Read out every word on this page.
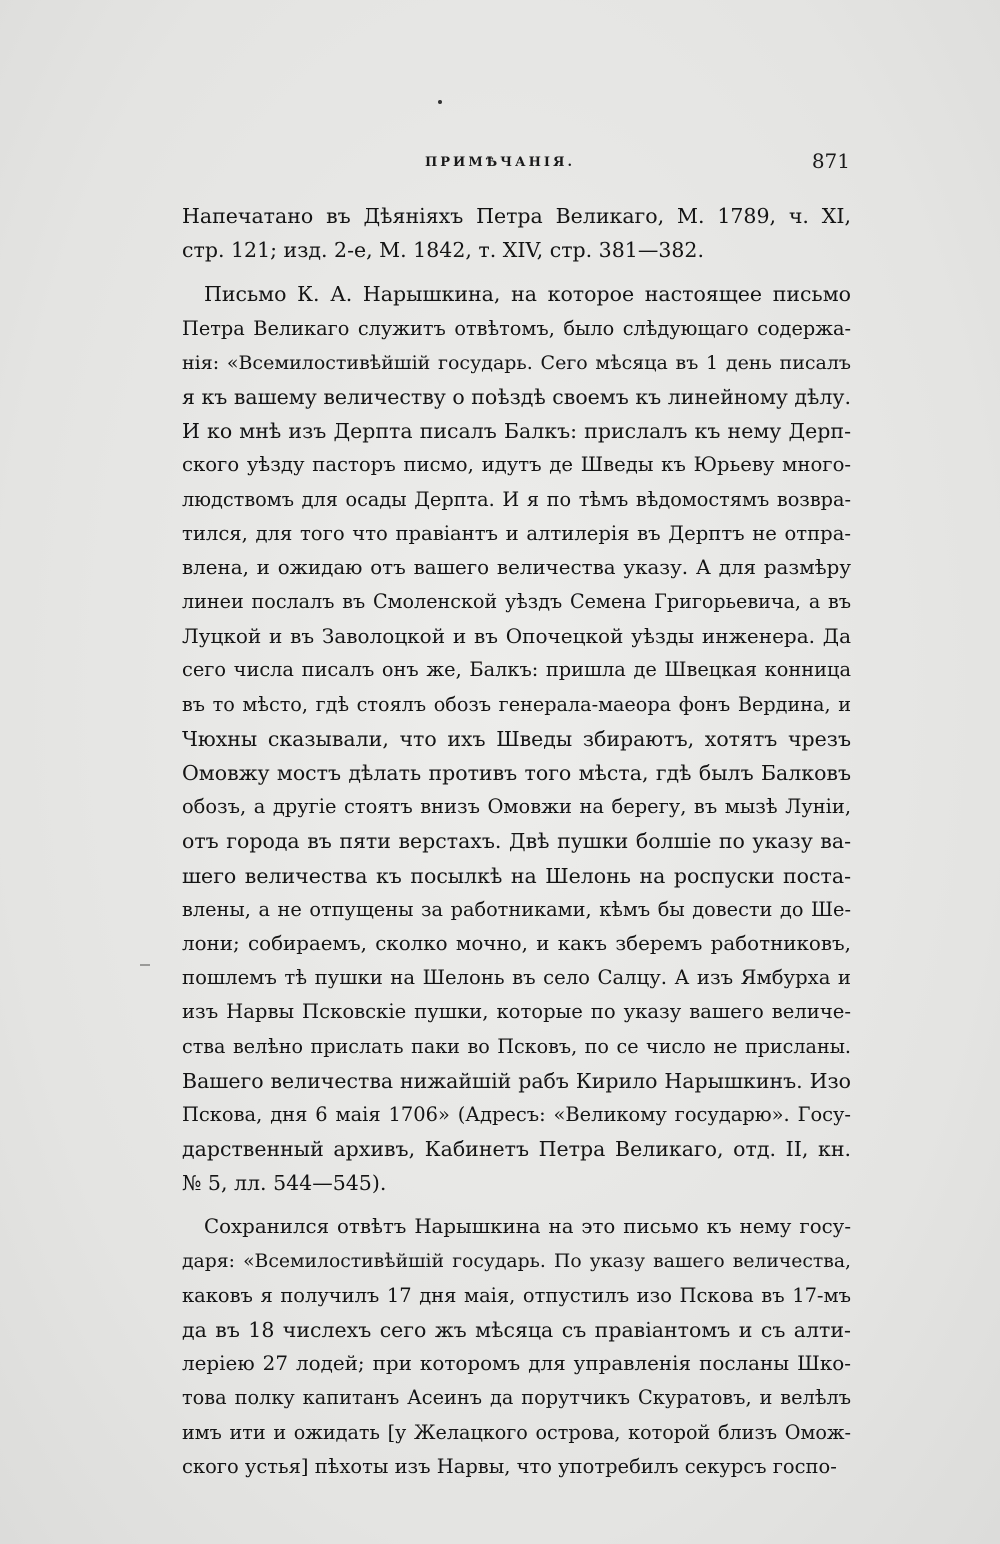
ПРИМѢЧАНІЯ.	871
Напечатано въ Дѣяніяхъ Петра Великаго, М. 1789, ч. XI,
стр. 121; изд. 2-е, М. 1842, т. XIV, стр. 381—382.
Письмо К. А. Нарышкина, на которое настоящее письмо
Петра Великаго служитъ отвѣтомъ, было слѣдующаго содержа-
нія: «Всемилостивѣйшій государь. Сего мѣсяца въ 1 день писалъ
я къ вашему величеству о поѣздѣ своемъ къ линейному дѣлу.
И ко мнѣ изъ Дерпта писалъ Балкъ: прислалъ къ нему Дерп-
ского уѣзду пасторъ писмо, идутъ де Шведы къ Юрьеву много-
людствомъ для осады Дерпта. И я по тѣмъ вѣдомостямъ возвра-
тился, для того что правіантъ и алтилерія въ Дерптъ не отпра-
влена, и ожидаю отъ вашего величества указу. А для размѣру
линеи послалъ въ Смоленской уѣздъ Семена Григорьевича, а въ
Луцкой и въ Заволоцкой и въ Опочецкой уѣзды инженера. Да
сего числа писалъ онъ же, Балкъ: пришла де Швецкая конница
въ то мѣсто, гдѣ стоялъ обозъ генерала-маеора фонъ Вердина, и
Чюхны сказывали, что ихъ Шведы збираютъ, хотятъ чрезъ
Омовжу мостъ дѣлать противъ того мѣста, гдѣ былъ Балковъ
обозъ, а другіе стоятъ внизъ Омовжи на берегу, въ мызѣ Луніи,
отъ города въ пяти верстахъ. Двѣ пушки болшіе по указу ва-
шего величества къ посылкѣ на Шелонь на роспуски поста-
влены, а не отпущены за работниками, кѣмъ бы довести до Ше-
лони; собираемъ, сколко мочно, и какъ зберемъ работниковъ,
пошлемъ тѣ пушки на Шелонь въ село Салцу. А изъ Ямбурха и
изъ Нарвы Псковскіе пушки, которые по указу вашего величе-
ства велѣно прислать паки во Псковъ, по се число не присланы.
Вашего величества нижайшій рабъ Кирило Нарышкинъ. Изо
Пскова, дня 6 маія 1706» (Адресъ: «Великому государю». Госу-
дарственный архивъ, Кабинетъ Петра Великаго, отд. II, кн.
№ 5, лл. 544—545).
Сохранился отвѣтъ Нарышкина на это письмо къ нему госу-
даря: «Всемилостивѣйшій государь. По указу вашего величества,
каковъ я получилъ 17 дня маія, отпустилъ изо Пскова въ 17-мъ
да въ 18 числехъ сего жъ мѣсяца съ правіантомъ и съ алти-
леріею 27 лодей; при которомъ для управленія посланы Шко-
това полку капитанъ Асеинъ да порутчикъ Скуратовъ, и велѣлъ
имъ ити и ожидать [у Желацкого острова, которой близъ Омож-
ского устья] пѣхоты изъ Нарвы, что употребилъ секурсъ госпо-
